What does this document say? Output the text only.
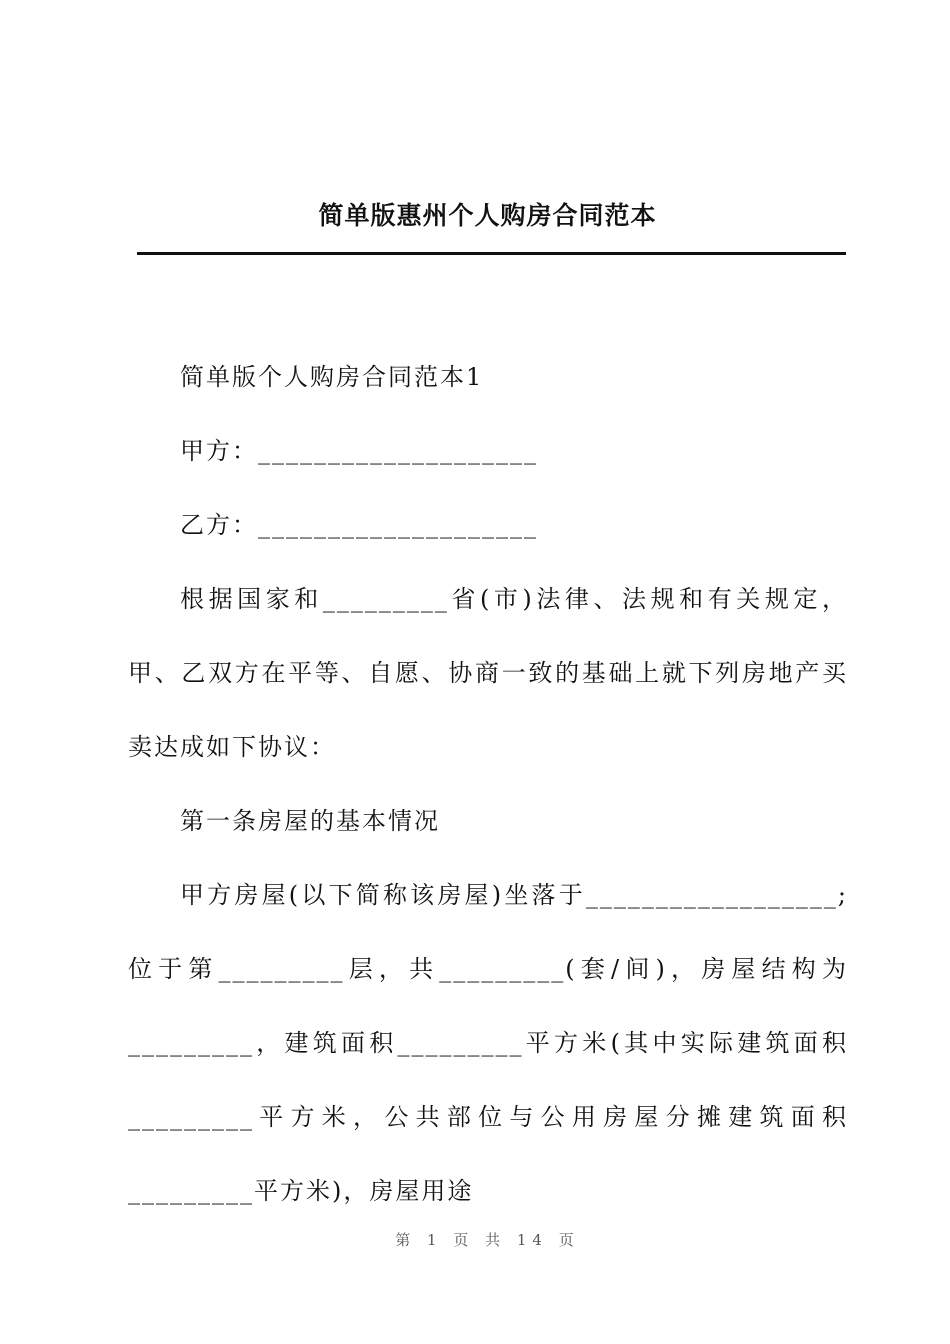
简单版惠州个人购房合同范本

简单版个人购房合同范本1

甲方：____________________

乙方：____________________

根据国家和_________省(市)法律、法规和有关规定，甲、乙双方在平等、自愿、协商一致的基础上就下列房地产买卖达成如下协议：

第一条房屋的基本情况

甲方房屋(以下简称该房屋)坐落于__________________;位于第_________层，共_________(套/间)，房屋结构为_________，建筑面积_________平方米(其中实际建筑面积_________平方米，公共部位与公用房屋分摊建筑面积_________平方米)，房屋用途

第 1 页 共 14 页
